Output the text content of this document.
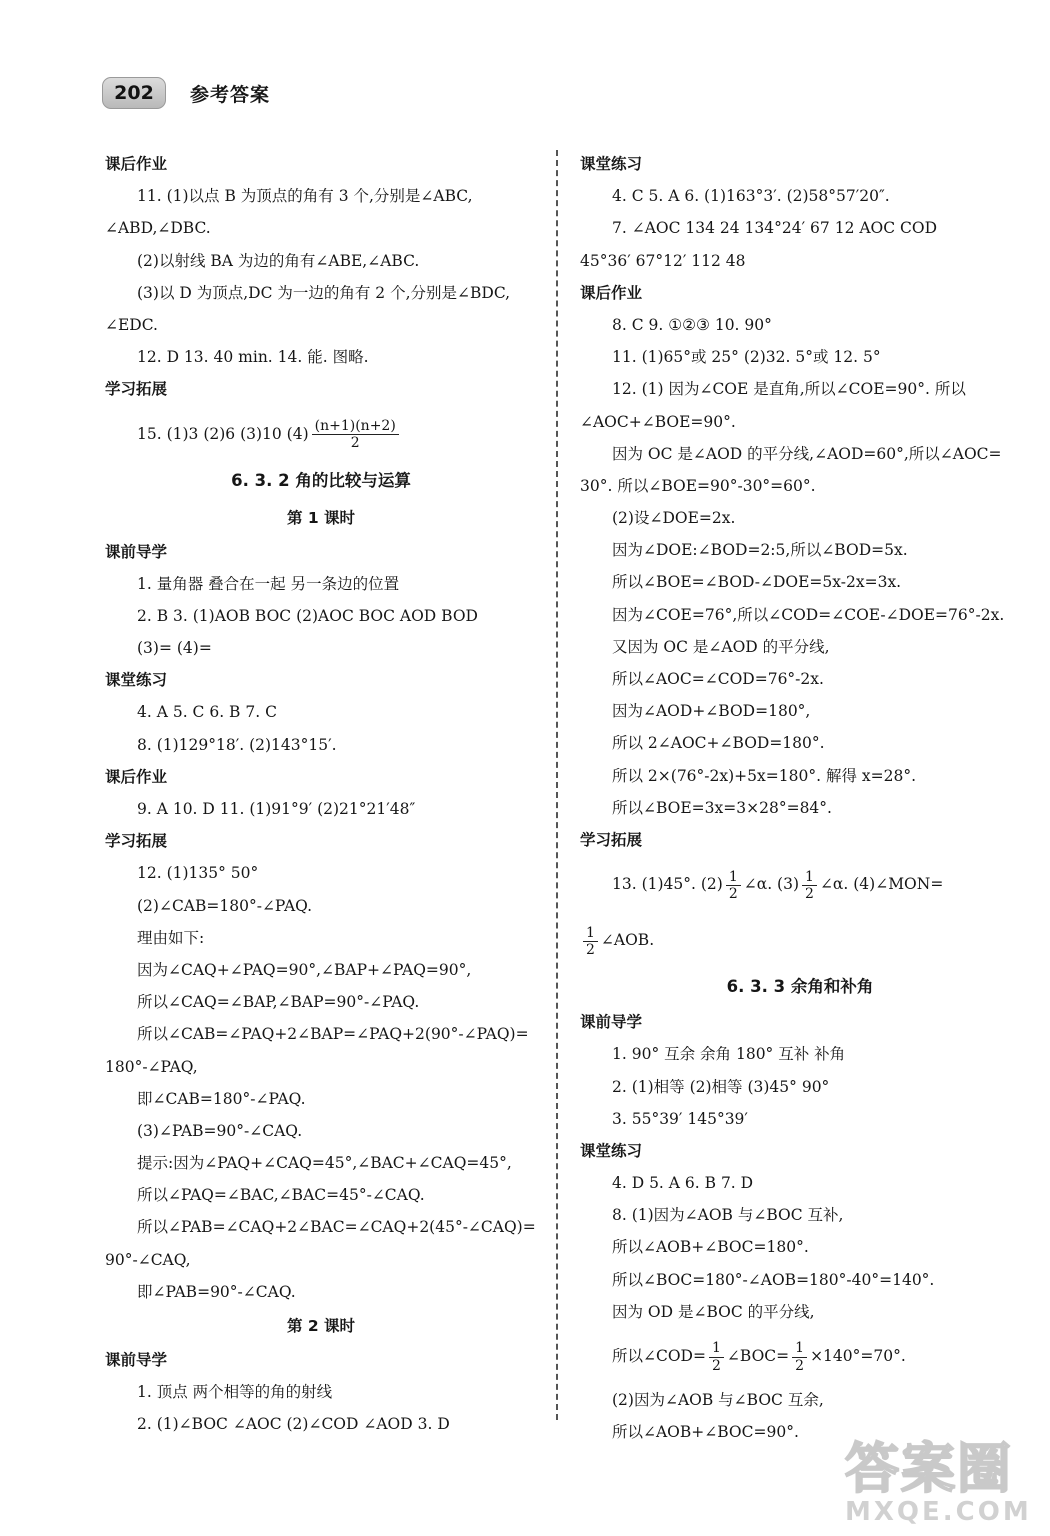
202	参考答案
课后作业
11. (1)以点 B 为顶点的角有 3 个,分别是∠ABC,
∠ABD,∠DBC.
(2)以射线 BA 为边的角有∠ABE,∠ABC.
(3)以 D 为顶点,DC 为一边的角有 2 个,分别是∠BDC,
∠EDC.
12. D 13. 40 min. 14. 能. 图略.
学习拓展
15. (1)3 (2)6 (3)10 $(4) \frac{(n+1)(n+2)}{2}$
6. 3. 2 角的比较与运算
第 1 课时
课前导学
1. 量角器 叠合在一起 另一条边的位置
2. B 3. (1)AOB BOC (2)AOC BOC AOD BOD
(3)= (4)=
课堂练习
4. A 5. C 6. B 7. C
8. (1)129°18′. (2)143°15′.
课后作业
9. A 10. D 11. (1)91°9′ (2)21°21′48″
学习拓展
12. (1)135° 50°
(2)∠CAB=180°-∠PAQ.
理由如下:
因为∠CAQ+∠PAQ=90°,∠BAP+∠PAQ=90°,
所以∠CAQ=∠BAP,∠BAP=90°-∠PAQ.
所以∠CAB=∠PAQ+2∠BAP=∠PAQ+2(90°-∠PAQ)=
180°-∠PAQ,
即∠CAB=180°-∠PAQ.
(3)∠PAB=90°-∠CAQ.
提示:因为∠PAQ+∠CAQ=45°,∠BAC+∠CAQ=45°,
所以∠PAQ=∠BAC,∠BAC=45°-∠CAQ.
所以∠PAB=∠CAQ+2∠BAC=∠CAQ+2(45°-∠CAQ)=
90°-∠CAQ,
即∠PAB=90°-∠CAQ.
第 2 课时
课前导学
1. 顶点 两个相等的角的射线
2. (1)∠BOC ∠AOC (2)∠COD ∠AOD 3. D
课堂练习
4. C 5. A 6. (1)163°3′. (2)58°57′20″.
7. ∠AOC 134 24 134°24′ 67 12 AOC COD
45°36′ 67°12′ 112 48
课后作业
8. C 9. ①②③ 10. 90°
11. (1)65°或 25° (2)32. 5°或 12. 5°
12. (1) 因为∠COE 是直角,所以∠COE=90°. 所以
∠AOC+∠BOE=90°.
因为 OC 是∠AOD 的平分线,∠AOD=60°,所以∠AOC=
30°. 所以∠BOE=90°-30°=60°.
(2)设∠DOE=2x.
因为∠DOE:∠BOD=2:5,所以∠BOD=5x.
所以∠BOE=∠BOD-∠DOE=5x-2x=3x.
因为∠COE=76°,所以∠COD=∠COE-∠DOE=76°-2x.
又因为 OC 是∠AOD 的平分线,
所以∠AOC=∠COD=76°-2x.
因为∠AOD+∠BOD=180°,
所以 2∠AOC+∠BOD=180°.
所以 2×(76°-2x)+5x=180°. 解得 x=28°.
所以∠BOE=3x=3×28°=84°.
学习拓展
13. (1)45°. $(2) \frac{1}{2}$ ∠α. $(3) \frac{1}{2}$ ∠α. (4)∠MON=
$\frac{1}{2}$ ∠AOB.
6. 3. 3 余角和补角
课前导学
1. 90° 互余 余角 180° 互补 补角
2. (1)相等 (2)相等 (3)45° 90°
3. 55°39′ 145°39′
课堂练习
4. D 5. A 6. B 7. D
8. (1)因为∠AOB 与∠BOC 互补,
所以∠AOB+∠BOC=180°.
所以∠BOC=180°-∠AOB=180°-40°=140°.
因为 OD 是∠BOC 的平分线,
所以∠COD= $\frac{1}{2}$ ∠BOC= $\frac{1}{2} \times 140^\circ=70^\circ$.
(2)因为∠AOB 与∠BOC 互余,
所以∠AOB+∠BOC=90°.
答案圈
MXQE.COM
